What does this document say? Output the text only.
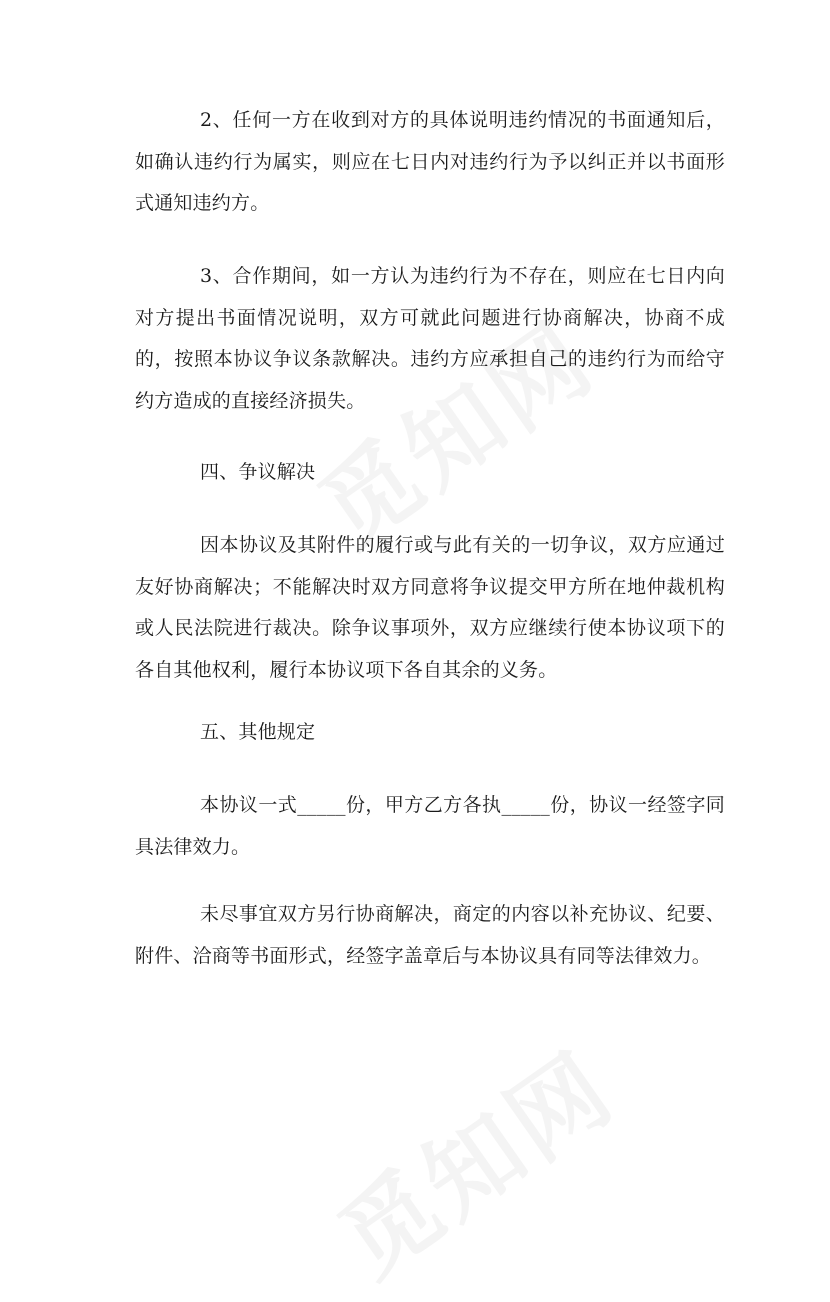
2、任何一方在收到对方的具体说明违约情况的书面通知后，如确认违约行为属实，则应在七日内对违约行为予以纠正并以书面形式通知违约方。

3、合作期间，如一方认为违约行为不存在，则应在七日内向对方提出书面情况说明，双方可就此问题进行协商解决，协商不成的，按照本协议争议条款解决。违约方应承担自己的违约行为而给守约方造成的直接经济损失。

四、争议解决

因本协议及其附件的履行或与此有关的一切争议，双方应通过友好协商解决；不能解决时双方同意将争议提交甲方所在地仲裁机构或人民法院进行裁决。除争议事项外，双方应继续行使本协议项下的各自其他权利，履行本协议项下各自其余的义务。

五、其他规定

本协议一式_____份，甲方乙方各执_____份，协议一经签字同具法律效力。

未尽事宜双方另行协商解决，商定的内容以补充协议、纪要、附件、洽商等书面形式，经签字盖章后与本协议具有同等法律效力。
